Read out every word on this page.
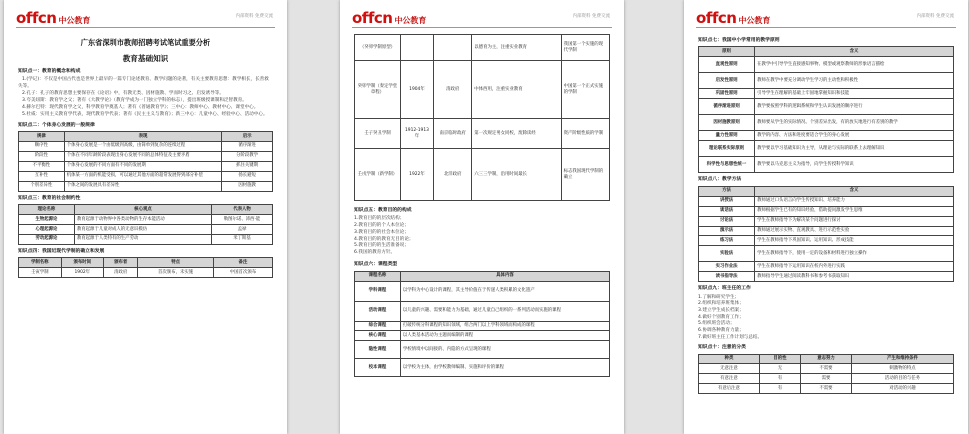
offcn 中公教育	内部资料 免费交流
广东省深圳市教师招聘考试笔试重要分析
教育基础知识
知识点一：教育的概念和构成
1.(学记)：不仅是中国古代也是世界上最早的一篇专门论述教育、教学问题的论著，有关主要教育思想：教学相长，长善救失等。
2.孔子：孔子的教育思想主要保存在《论语》中，有教无类、因材施教、学而时习之、启发诱导等。
3.夸美纽斯：教育学之父；著有《大教学论》（教育学成为一门独立学科的标志），提出班级授课制和泛智教育。
4.赫尔巴特：现代教育学之父，科学教育学奠基人；著有《普通教育学》；三中心：教师中心、教材中心、课堂中心。
5.杜威：实用主义教育学代表，现代教育学代表；著有《民主主义与教育》；新三中心：儿童中心、经验中心、活动中心。
知识点二：个体身心发展的一般规律
规律	表现	启示
顺序性	个体身心发展是一个由低级到高级，由简单到复杂的连续过程	循序渐进
阶段性	个体在不同年龄阶段表现出身心发展不同的总体特征及主要矛盾	分阶段教学
不平衡性	个体身心发展的不同方面有不同的发展期	抓住关键期
互补性	机体某一方面的机能受损，可以通过其他方面的超常发展得到部分补偿	扬长避短
个别差异性	个体之间的发展具有差异性	因材施教
知识点三：教育的社会制约性
理论名称	核心观点	代表人物
生物起源论	教育起源于动物界中各类动物的生存本能活动	勒图尔诺、沛西·能
心理起源论	教育起源于儿童对成人的无意识模仿	孟禄
劳动起源论	教育起源于人类特有的生产劳动	米丁斯基
知识点四：我国近现代学制的确立和发展
学制名称	颁布时间	颁布者	特点	备注
壬寅学制	1902年	清政府	首次颁布，未实施	中国首次颁布
offcn 中公教育	内部资料 免费交流
（癸卯学制原型）			以德育为主，注重实业教育	我国第一个实施的现代学制
癸卯学制（奏定学堂章程）	1904年	清政府	中体西用，注重实业教育	中国第一个正式实施的学制
壬子癸丑学制	1912-1913年	南京临时政府	第一次规定男女同校，废除读经	资产阶级性质的学制
壬戌学制（新学制）	1922年	北洋政府	六三三学制，沿用时间最长	标志我国现代学制的确立
知识点五：教育目的的构成
1.教育目的的层次结构；
2.教育目的的个人本位论；
3.教育目的的社会本位论；
4.教育目的的教育无目的论；
5.教育目的的生活准备说；
6.我国的教育方针。
知识点六：课程类型
课程名称	具体内容
学科课程	以学科为中心设计的课程，其主导价值在于传递人类积累的文化遗产
活动课程	以儿童的兴趣、需要和能力为基础，通过儿童自己组织的一系列活动而实施的课程
综合课程	打破传统分科课程的知识领域，组合两门以上学科领域而构成的课程
核心课程	以人类基本活动为主题而编制的课程
隐性课程	学校情境中以间接的、内隐的方式呈现的课程
校本课程	以学校为主体，由学校教师编制、实施和评价的课程
offcn 中公教育	内部资料 免费交流
知识点七：我国中小学常用的教学原则
原则	含义
直观性原则	在教学中引导学生直接感知事物、模型或观察教师的形象语言描绘
启发性原则	教师在教学中要充分调动学生学习的主动性和积极性
巩固性原则	引导学生在理解的基础上牢固地掌握知识和技能
循序渐进原则	教学要按照学科的逻辑系统和学生认识发展的顺序进行
因材施教原则	教师要从学生的实际情况、个别差异出发，有的放矢地进行有差别的教学
量力性原则	教学的内容、方法和进度要适合学生的身心发展
理论联系实际原则	教学要以学习基础知识为主导，从理论与实际的联系上去理解知识
科学性与思想性统一	教学要以马克思主义为指导，向学生传授科学知识
知识点八：教学方法
方法	含义
讲授法	教师通过口头语言向学生传授知识、培养能力
谈话法	教师根据学生已有的知识经验，借助提问激发学生思维
讨论法	学生在教师指导下为解决某个问题进行探讨
演示法	教师通过展示实物、直观教具、进行示范性实验
练习法	学生在教师指导下巩固知识、运用知识、形成技能
实验法	学生在教师指导下，使用一定的设备和材料进行独立操作
实习作业法	学生在教师指导下运用知识在校内外进行实践
读书指导法	教师指导学生通过阅读教科书和参考书获取知识
知识点九：班主任的工作
1.了解和研究学生；
2.组织和培养班集体；
3.建立学生成长档案；
4.做好个别教育工作；
5.组织班会活动；
6.协调各种教育力量；
7.做好班主任工作计划与总结。
知识点十：注意的分类
种类	目的性	意志努力	产生和维持条件
无意注意	无	不需要	刺激物的特点
有意注意	有	需要	活动的目的与任务
有意后注意	有	不需要	对活动的兴趣
